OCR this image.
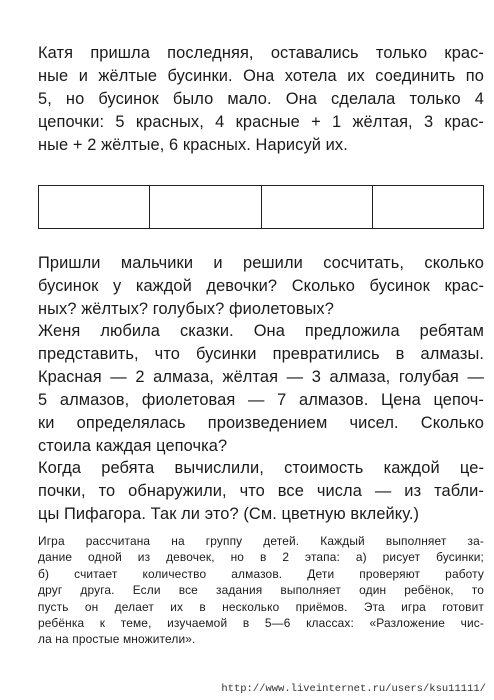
Катя пришла последняя, оставались только крас-
ные и жёлтые бусинки. Она хотела их соединить по
5, но бусинок было мало. Она сделала только 4
цепочки: 5 красных, 4 красные + 1 жёлтая, 3 крас-
ные + 2 жёлтые, 6 красных. Нарисуй их.
Пришли мальчики и решили сосчитать, сколько
бусинок у каждой девочки? Сколько бусинок крас-
ных? жёлтых? голубых? фиолетовых?
Женя любила сказки. Она предложила ребятам
представить, что бусинки превратились в алмазы.
Красная — 2 алмаза, жёлтая — 3 алмаза, голубая —
5 алмазов, фиолетовая — 7 алмазов. Цена цепоч-
ки определялась произведением чисел. Сколько
стоила каждая цепочка?
Когда ребята вычислили, стоимость каждой це-
почки, то обнаружили, что все числа — из табли-
цы Пифагора. Так ли это? (См. цветную вклейку.)
Игра рассчитана на группу детей. Каждый выполняет за-
дание одной из девочек, но в 2 этапа: а) рисует бусинки;
б) считает количество алмазов. Дети проверяют работу
друг друга. Если все задания выполняет один ребёнок, то
пусть он делает их в несколько приёмов. Эта игра готовит
ребёнка к теме, изучаемой в 5—6 классах: «Разложение чис-
ла на простые множители».
http://www.liveinternet.ru/users/ksu11111/
